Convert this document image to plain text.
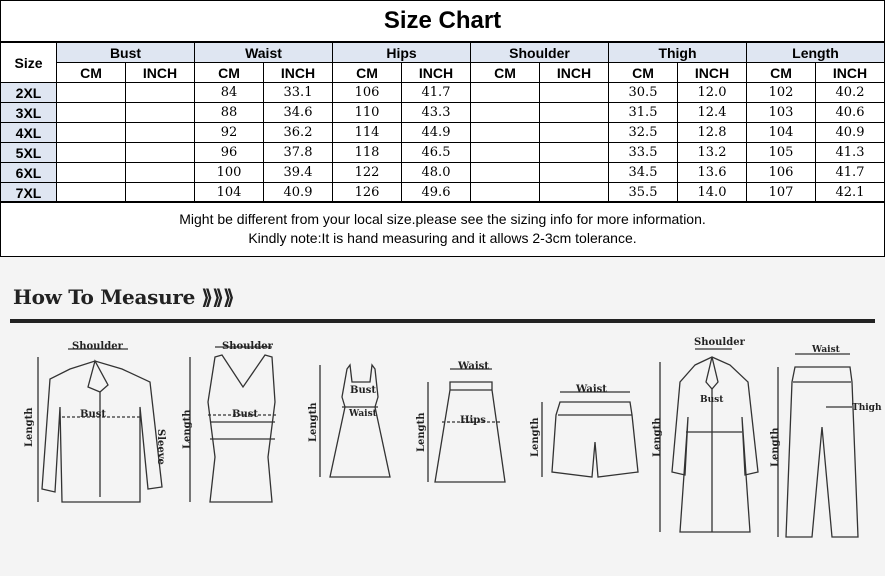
Size Chart
Size	Bust		Waist		Hips		Shoulder		Thigh		Length	
	CM	INCH	CM	INCH	CM	INCH	CM	INCH	CM	INCH	CM	INCH
2XL			84	33.1	106	41.7			30.5	12.0	102	40.2
3XL			88	34.6	110	43.3			31.5	12.4	103	40.6
4XL			92	36.2	114	44.9			32.5	12.8	104	40.9
5XL			96	37.8	118	46.5			33.5	13.2	105	41.3
6XL			100	39.4	122	48.0			34.5	13.6	106	41.7
7XL			104	40.9	126	49.6			35.5	14.0	107	42.1
Might be different from your local size.please see the sizing info for more information.
Kindly note:It is hand measuring and it allows 2-3cm tolerance.
How To Measure ⟫⟫⟫
Shoulder
Bust
Length	Sleeve
Shoulder
Bust
Length
Bust
Waist
Length
Waist
Hips
Length
Waist
Length
Shoulder
Bust
Length
Waist
Thigh
Length
